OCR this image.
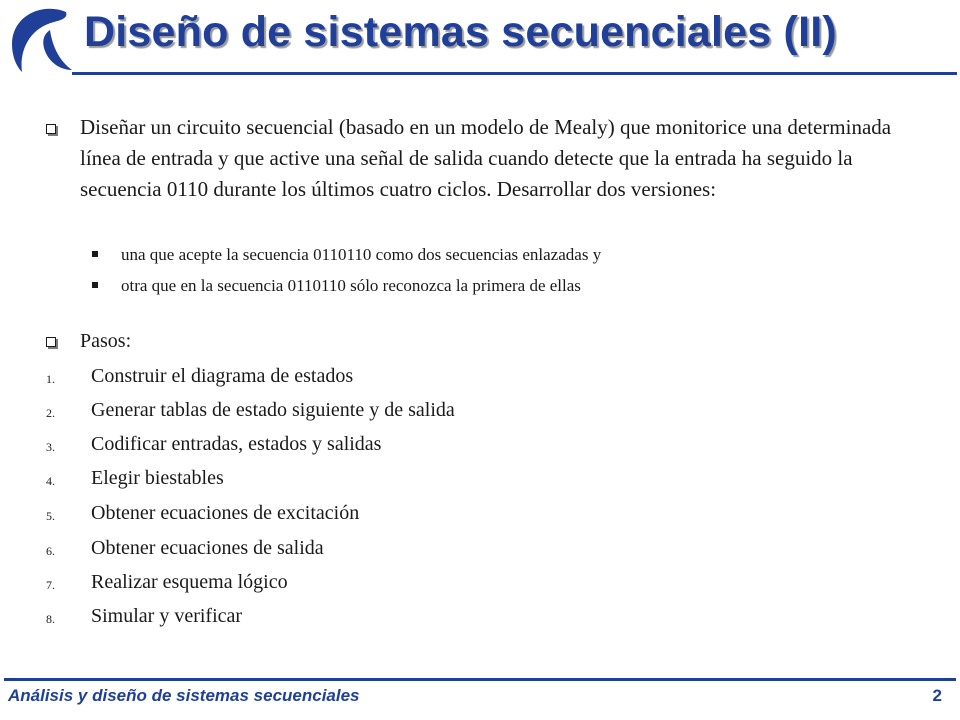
Diseño de sistemas secuenciales (II)
Diseñar un circuito secuencial (basado en un modelo de Mealy) que monitorice una determinada línea de entrada y que active una señal de salida cuando detecte que la entrada ha seguido la secuencia 0110 durante los últimos cuatro ciclos. Desarrollar dos versiones:
una que acepte la secuencia 0110110 como dos secuencias enlazadas y
otra que en la secuencia 0110110 sólo reconozca la primera de ellas
Pasos:
1. Construir el diagrama de estados
2. Generar tablas de estado siguiente y de salida
3. Codificar entradas, estados y salidas
4. Elegir biestables
5. Obtener ecuaciones de excitación
6. Obtener ecuaciones de salida
7. Realizar esquema lógico
8. Simular y verificar
Análisis y diseño de sistemas secuenciales	2
